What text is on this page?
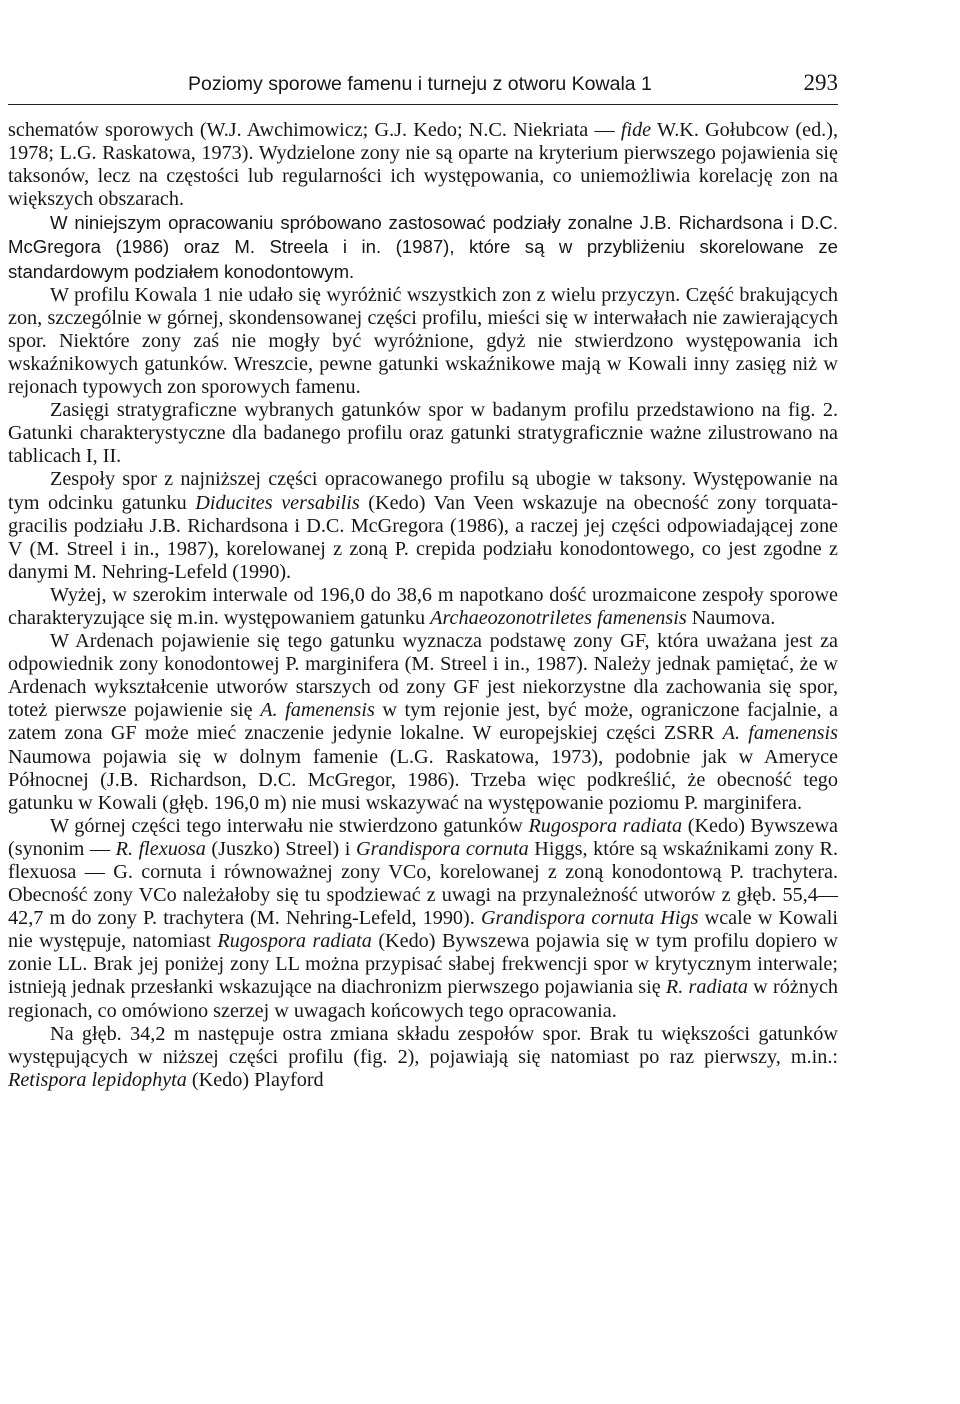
Poziomy sporowe famenu i turneju z otworu Kowala 1	293

schematów sporowych (W.J. Awchimowicz; G.J. Kedo; N.C. Niekriata — fide W.K. Gołubcow (ed.), 1978; L.G. Raskatowa, 1973). Wydzielone zony nie są oparte na kryterium pierwszego pojawienia się taksonów, lecz na częstości lub regularności ich występowania, co uniemożliwia korelację zon na większych obszarach.

W niniejszym opracowaniu spróbowano zastosować podziały zonalne J.B. Richardsona i D.C. McGregora (1986) oraz M. Streela i in. (1987), które są w przybliżeniu skorelowane ze standardowym podziałem konodontowym.

W profilu Kowala 1 nie udało się wyróżnić wszystkich zon z wielu przyczyn. Część brakujących zon, szczególnie w górnej, skondensowanej części profilu, mieści się w interwałach nie zawierających spor. Niektóre zony zaś nie mogły być wyróżnione, gdyż nie stwierdzono występowania ich wskaźnikowych gatunków. Wreszcie, pewne gatunki wskaźnikowe mają w Kowali inny zasięg niż w rejonach typowych zon sporowych famenu.

Zasięgi stratygraficzne wybranych gatunków spor w badanym profilu przedstawiono na fig. 2. Gatunki charakterystyczne dla badanego profilu oraz gatunki stratygraficznie ważne zilustrowano na tablicach I, II.

Zespoły spor z najniższej części opracowanego profilu są ubogie w taksony. Występowanie na tym odcinku gatunku Diducites versabilis (Kedo) Van Veen wskazuje na obecność zony torquata-gracilis podziału J.B. Richardsona i D.C. McGregora (1986), a raczej jej części odpowiadającej zone V (M. Streel i in., 1987), korelowanej z zoną P. crepida podziału konodontowego, co jest zgodne z danymi M. Nehring-Lefeld (1990).

Wyżej, w szerokim interwale od 196,0 do 38,6 m napotkano dość urozmaicone zespoły sporowe charakteryzujące się m.in. występowaniem gatunku Archaeozonotriletes famenensis Naumova.

W Ardenach pojawienie się tego gatunku wyznacza podstawę zony GF, która uważana jest za odpowiednik zony konodontowej P. marginifera (M. Streel i in., 1987). Należy jednak pamiętać, że w Ardenach wykształcenie utworów starszych od zony GF jest niekorzystne dla zachowania się spor, toteż pierwsze pojawienie się A. famenensis w tym rejonie jest, być może, ograniczone facjalnie, a zatem zona GF może mieć znaczenie jedynie lokalne. W europejskiej części ZSRR A. famenensis Naumowa pojawia się w dolnym famenie (L.G. Raskatowa, 1973), podobnie jak w Ameryce Północnej (J.B. Richardson, D.C. McGregor, 1986). Trzeba więc podkreślić, że obecność tego gatunku w Kowali (głęb. 196,0 m) nie musi wskazywać na występowanie poziomu P. marginifera.

W górnej części tego interwału nie stwierdzono gatunków Rugospora radiata (Kedo) Bywszewa (synonim — R. flexuosa (Juszko) Streel) i Grandispora cornuta Higgs, które są wskaźnikami zony R. flexuosa — G. cornuta i równoważnej zony VCo, korelowanej z zoną konodontową P. trachytera. Obecność zony VCo należałoby się tu spodziewać z uwagi na przynależność utworów z głęb. 55,4—42,7 m do zony P. trachytera (M. Nehring-Lefeld, 1990). Grandispora cornuta Higs wcale w Kowali nie występuje, natomiast Rugospora radiata (Kedo) Bywszewa pojawia się w tym profilu dopiero w zonie LL. Brak jej poniżej zony LL można przypisać słabej frekwencji spor w krytycznym interwale; istnieją jednak przesłanki wskazujące na diachronizm pierwszego pojawiania się R. radiata w różnych regionach, co omówiono szerzej w uwagach końcowych tego opracowania.

Na głęb. 34,2 m następuje ostra zmiana składu zespołów spor. Brak tu większości gatunków występujących w niższej części profilu (fig. 2), pojawiają się natomiast po raz pierwszy, m.in.: Retispora lepidophyta (Kedo) Playford
